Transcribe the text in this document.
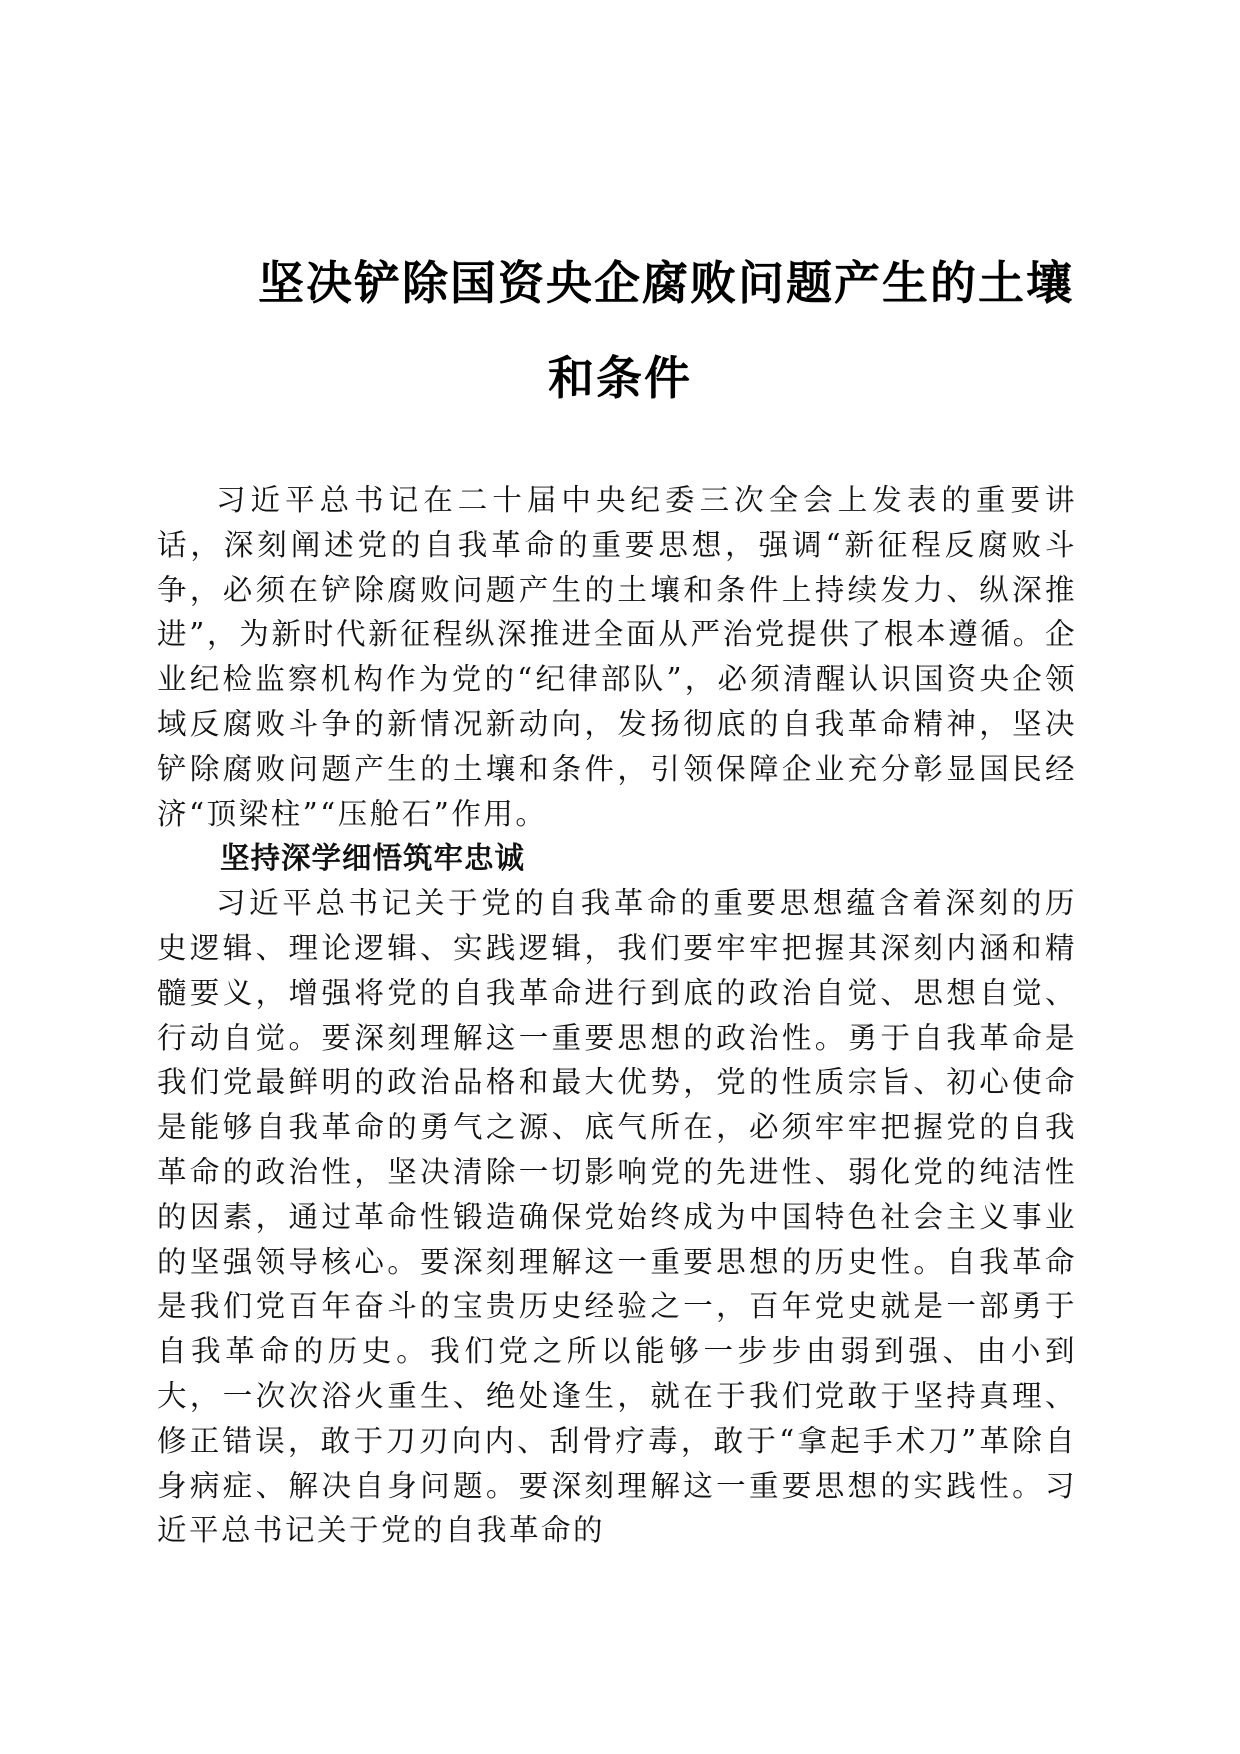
坚决铲除国资央企腐败问题产生的土壤
和条件

习近平总书记在二十届中央纪委三次全会上发表的重要讲话，深刻阐述党的自我革命的重要思想，强调“新征程反腐败斗争，必须在铲除腐败问题产生的土壤和条件上持续发力、纵深推进”，为新时代新征程纵深推进全面从严治党提供了根本遵循。企业纪检监察机构作为党的“纪律部队”，必须清醒认识国资央企领域反腐败斗争的新情况新动向，发扬彻底的自我革命精神，坚决铲除腐败问题产生的土壤和条件，引领保障企业充分彰显国民经济“顶梁柱”“压舱石”作用。

坚持深学细悟筑牢忠诚

习近平总书记关于党的自我革命的重要思想蕴含着深刻的历史逻辑、理论逻辑、实践逻辑，我们要牢牢把握其深刻内涵和精髓要义，增强将党的自我革命进行到底的政治自觉、思想自觉、行动自觉。要深刻理解这一重要思想的政治性。勇于自我革命是我们党最鲜明的政治品格和最大优势，党的性质宗旨、初心使命是能够自我革命的勇气之源、底气所在，必须牢牢把握党的自我革命的政治性，坚决清除一切影响党的先进性、弱化党的纯洁性的因素，通过革命性锻造确保党始终成为中国特色社会主义事业的坚强领导核心。要深刻理解这一重要思想的历史性。自我革命是我们党百年奋斗的宝贵历史经验之一，百年党史就是一部勇于自我革命的历史。我们党之所以能够一步步由弱到强、由小到大，一次次浴火重生、绝处逢生，就在于我们党敢于坚持真理、修正错误，敢于刀刃向内、刮骨疗毒，敢于“拿起手术刀”革除自身病症、解决自身问题。要深刻理解这一重要思想的实践性。习近平总书记关于党的自我革命的
